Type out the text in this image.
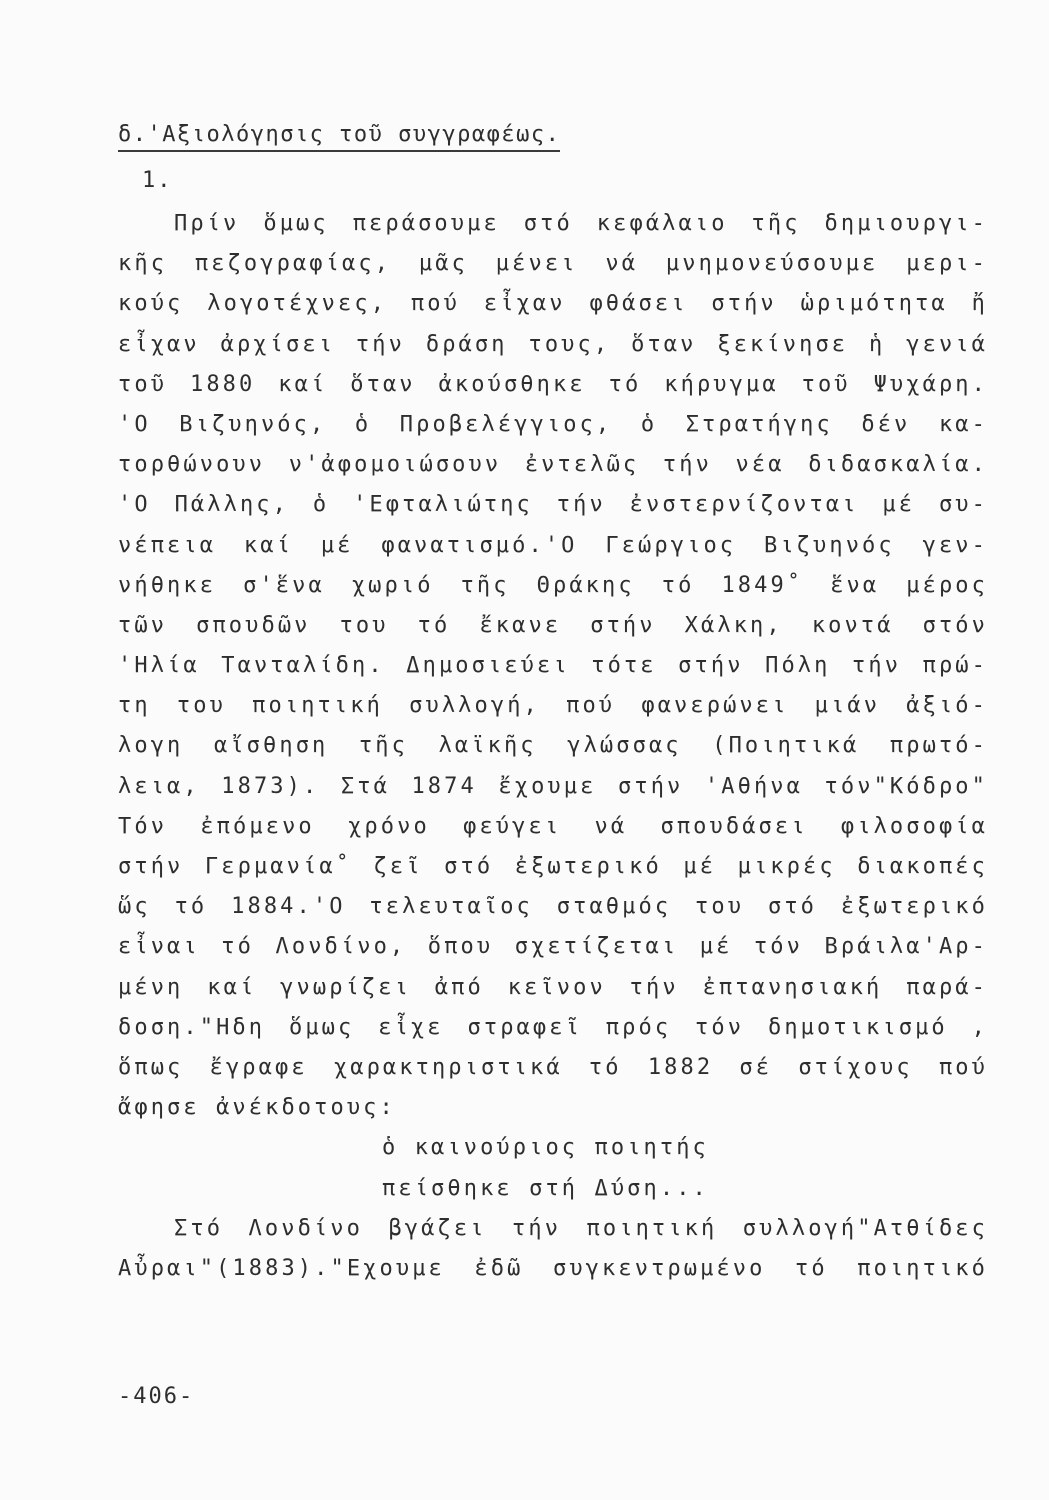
δ.'Αξιολόγησις τοῦ συγγραφέως.
1.
Πρίν ὅμως περάσουμε στό κεφάλαιο τῆς δημιουργι-
κῆς πεζογραφίας, μᾶς μένει νά μνημονεύσουμε μερι-
κούς λογοτέχνες, πού εἶχαν φθάσει στήν ὡριμότητα ἤ
εἶχαν ἀρχίσει τήν δράση τους, ὅταν ξεκίνησε ἡ γενιά
τοῦ 1880 καί ὅταν ἀκούσθηκε τό κήρυγμα τοῦ Ψυχάρη.
'Ο Βιζυηνός, ὁ Προβελέγγιος, ὁ Στρατήγης δέν κα-
τορθώνουν ν'ἀφομοιώσουν ἐντελῶς τήν νέα διδασκαλία.
'Ο Πάλλης, ὁ 'Εφταλιώτης τήν ἐνστερνίζονται μέ συ-
νέπεια καί μέ φανατισμό.'Ο Γεώργιος Βιζυηνός γεν-
νήθηκε σ'ἕνα χωριό τῆς Θράκης τό 1849˚ ἕνα μέρος
τῶν σπουδῶν του τό ἔκανε στήν Χάλκη, κοντά στόν
'Ηλία Τανταλίδη. Δημοσιεύει τότε στήν Πόλη τήν πρώ-
τη του ποιητική συλλογή, πού φανερώνει μιάν ἀξιό-
λογη αἴσθηση τῆς λαϊκῆς γλώσσας (Ποιητικά πρωτό-
λεια, 1873). Στά 1874 ἔχουμε στήν 'Αθήνα τόν"Κόδρο"
Τόν ἐπόμενο χρόνο φεύγει νά σπουδάσει φιλοσοφία
στήν Γερμανία˚ ζεῖ στό ἐξωτερικό μέ μικρές διακοπές
ὥς τό 1884.'Ο τελευταῖος σταθμός του στό ἐξωτερικό
εἶναι τό Λονδίνο, ὅπου σχετίζεται μέ τόν Βράιλα'Αρ-
μένη καί γνωρίζει ἀπό κεῖνον τήν ἐπτανησιακή παρά-
δοση."Ηδη ὅμως εἶχε στραφεῖ πρός τόν δημοτικισμό ,
ὅπως ἔγραφε χαρακτηριστικά τό 1882 σέ στίχους πού
ἄφησε ἀνέκδοτους:
ὁ καινούριος ποιητής
πείσθηκε στή Δύση...
Στό Λονδίνο βγάζει τήν ποιητική συλλογή"Ατθίδες
Αὖραι"(1883)."Εχουμε ἐδῶ συγκεντρωμένο τό ποιητικό
-406-
